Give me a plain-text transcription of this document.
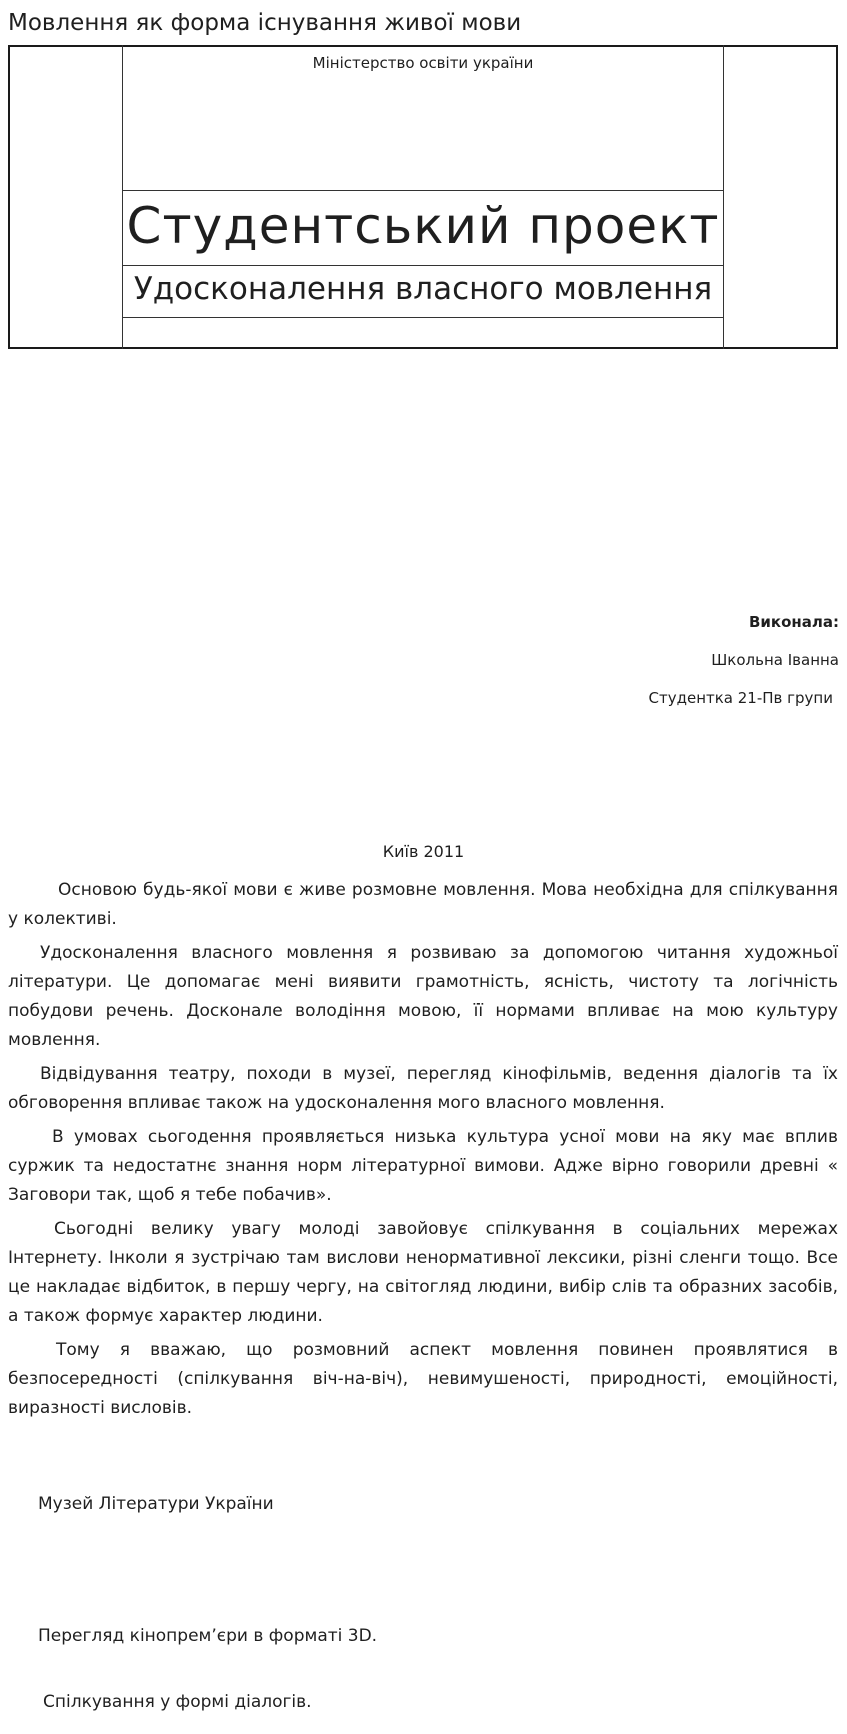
Мовлення як форма існування живої мови
Міністерство освіти україни
Студентський проект
Удосконалення власного мовлення
Виконала:
Школьна Іванна
Студентка 21-Пв групи
Київ 2011

Основою будь-якої мови є живе розмовне мовлення. Мова необхідна для спілкування у колективі.

Удосконалення власного мовлення я розвиваю за допомогою читання художньої літератури. Це допомагає мені виявити грамотність, ясність, чистоту та логічність побудови речень. Досконале володіння мовою, її нормами впливає на мою культуру мовлення.

Відвідування театру, походи в музеї, перегляд кінофільмів, ведення діалогів та їх обговорення впливає також на удосконалення мого власного мовлення.

В умовах сьогодення проявляється низька культура усної мови на яку має вплив суржик та недостатнє знання норм літературної вимови. Адже вірно говорили древні « Заговори так, щоб я тебе побачив».

Сьогодні велику увагу молоді завойовує спілкування в соціальних мережах Інтернету. Інколи я зустрічаю там вислови ненормативної лексики, різні сленги тощо. Все це накладає відбиток, в першу чергу, на світогляд людини, вибір слів та образних засобів, а також формує характер людини.

Тому я вважаю, що розмовний аспект мовлення повинен проявлятися в безпосередності (спілкування віч-на-віч), невимушеності, природності, емоційності, виразності висловів.

Музей Літератури України
Перегляд кінопрем’єри в форматі 3D.
Спілкування у формі діалогів.
